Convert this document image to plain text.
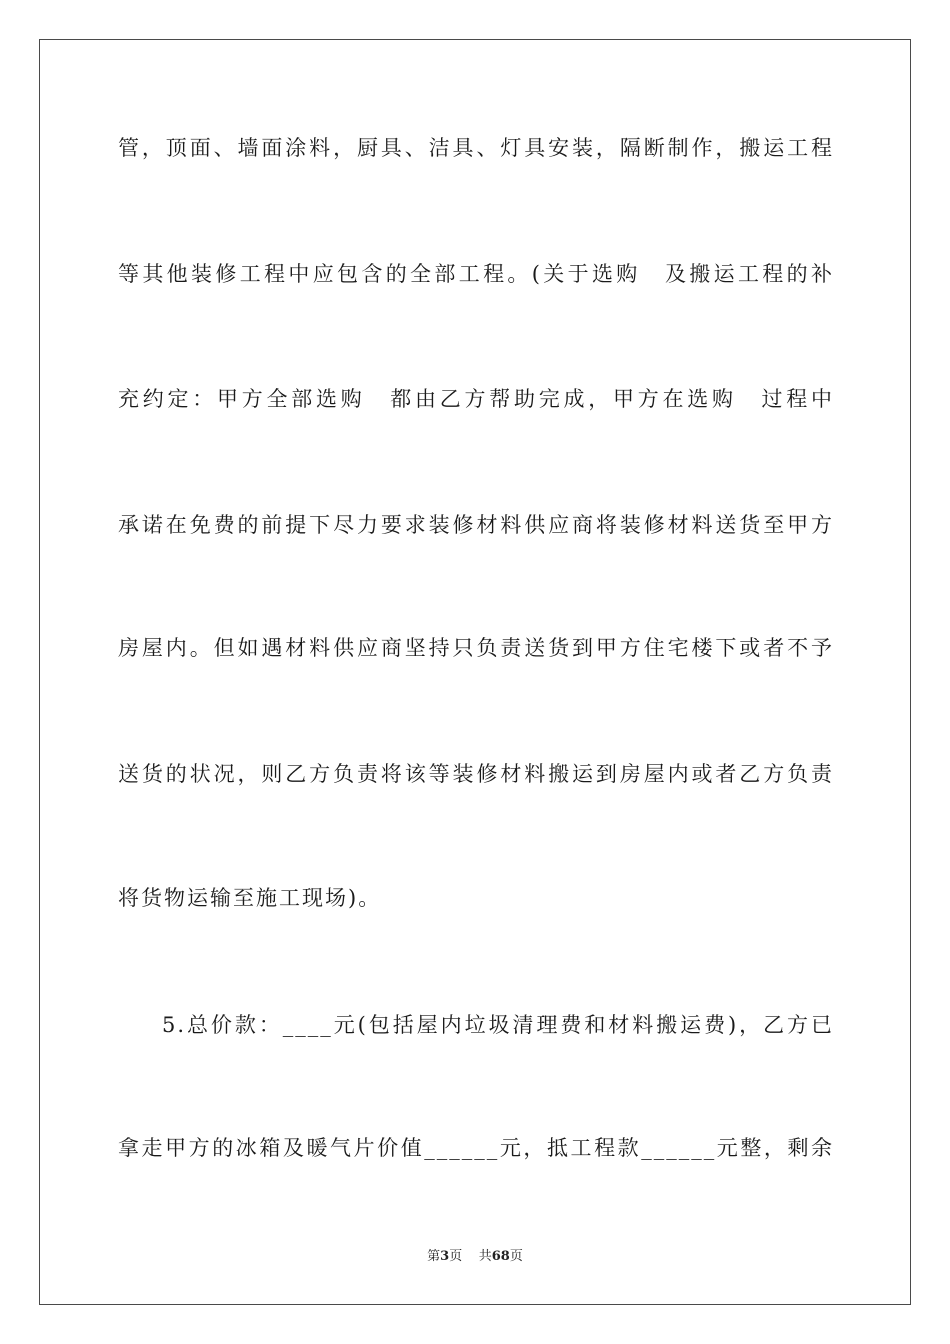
管，顶面、墙面涂料，厨具、洁具、灯具安装，隔断制作，搬运工程
等其他装修工程中应包含的全部工程。(关于选购　及搬运工程的补
充约定：甲方全部选购　都由乙方帮助完成，甲方在选购　过程中
承诺在免费的前提下尽力要求装修材料供应商将装修材料送货至甲方
房屋内。但如遇材料供应商坚持只负责送货到甲方住宅楼下或者不予
送货的状况，则乙方负责将该等装修材料搬运到房屋内或者乙方负责
将货物运输至施工现场)。
5.总价款：____元(包括屋内垃圾清理费和材料搬运费)，乙方已
拿走甲方的冰箱及暖气片价值______元，抵工程款______元整，剩余
第3页 共68页
